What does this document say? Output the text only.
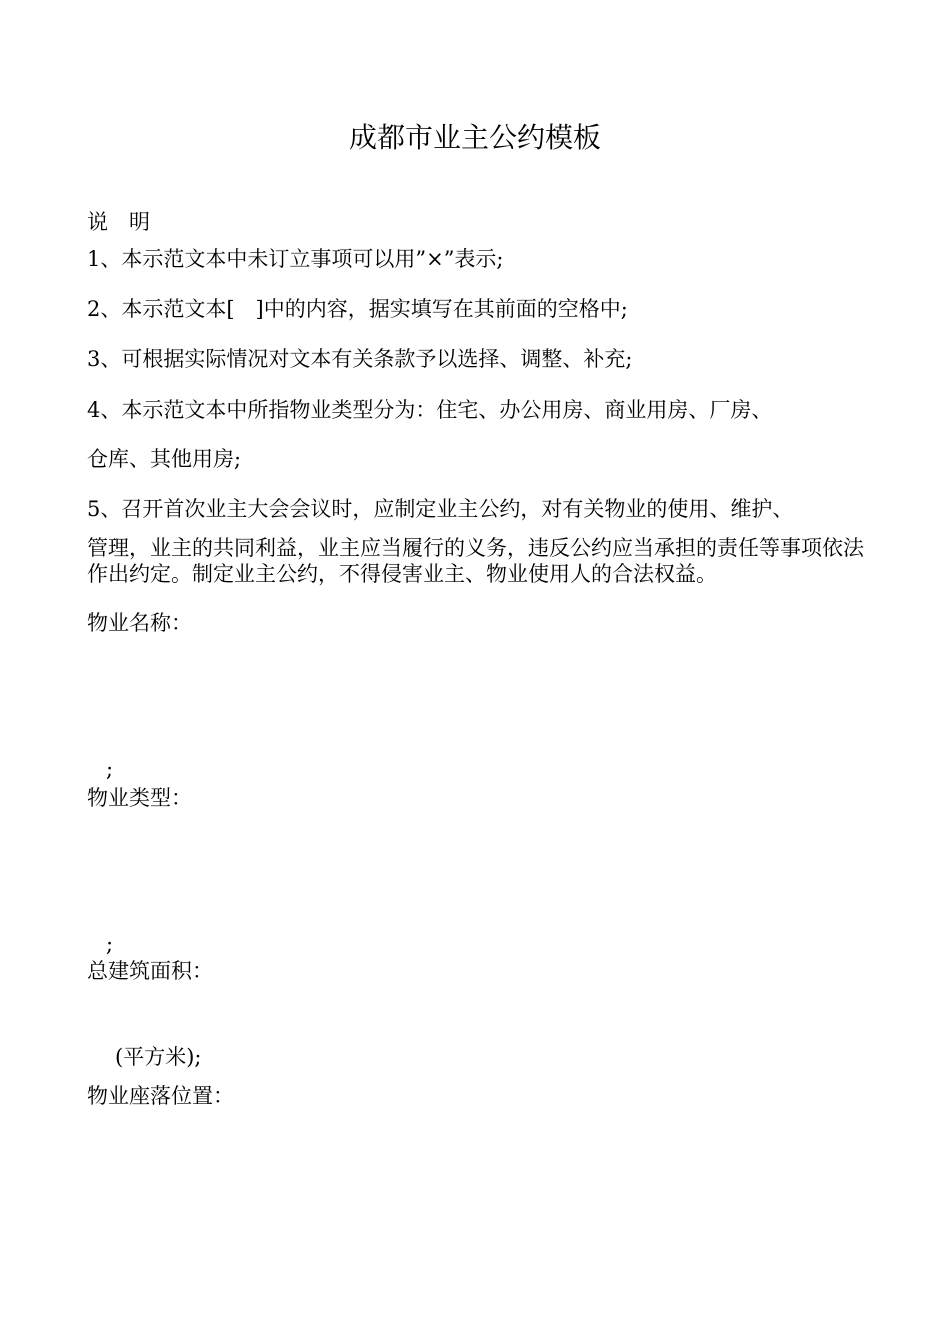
成都市业主公约模板
说　明
1、本示范文本中未订立事项可以用”×”表示;
2、本示范文本[　]中的内容，据实填写在其前面的空格中;
3、可根据实际情况对文本有关条款予以选择、调整、补充;
4、本示范文本中所指物业类型分为：住宅、办公用房、商业用房、厂房、
仓库、其他用房;
5、召开首次业主大会会议时，应制定业主公约，对有关物业的使用、维护、
管理，业主的共同利益，业主应当履行的义务，违反公约应当承担的责任等事项依法作出约定。制定业主公约，不得侵害业主、物业使用人的合法权益。
物业名称：
;
物业类型：
;
总建筑面积：
(平方米);
物业座落位置：
